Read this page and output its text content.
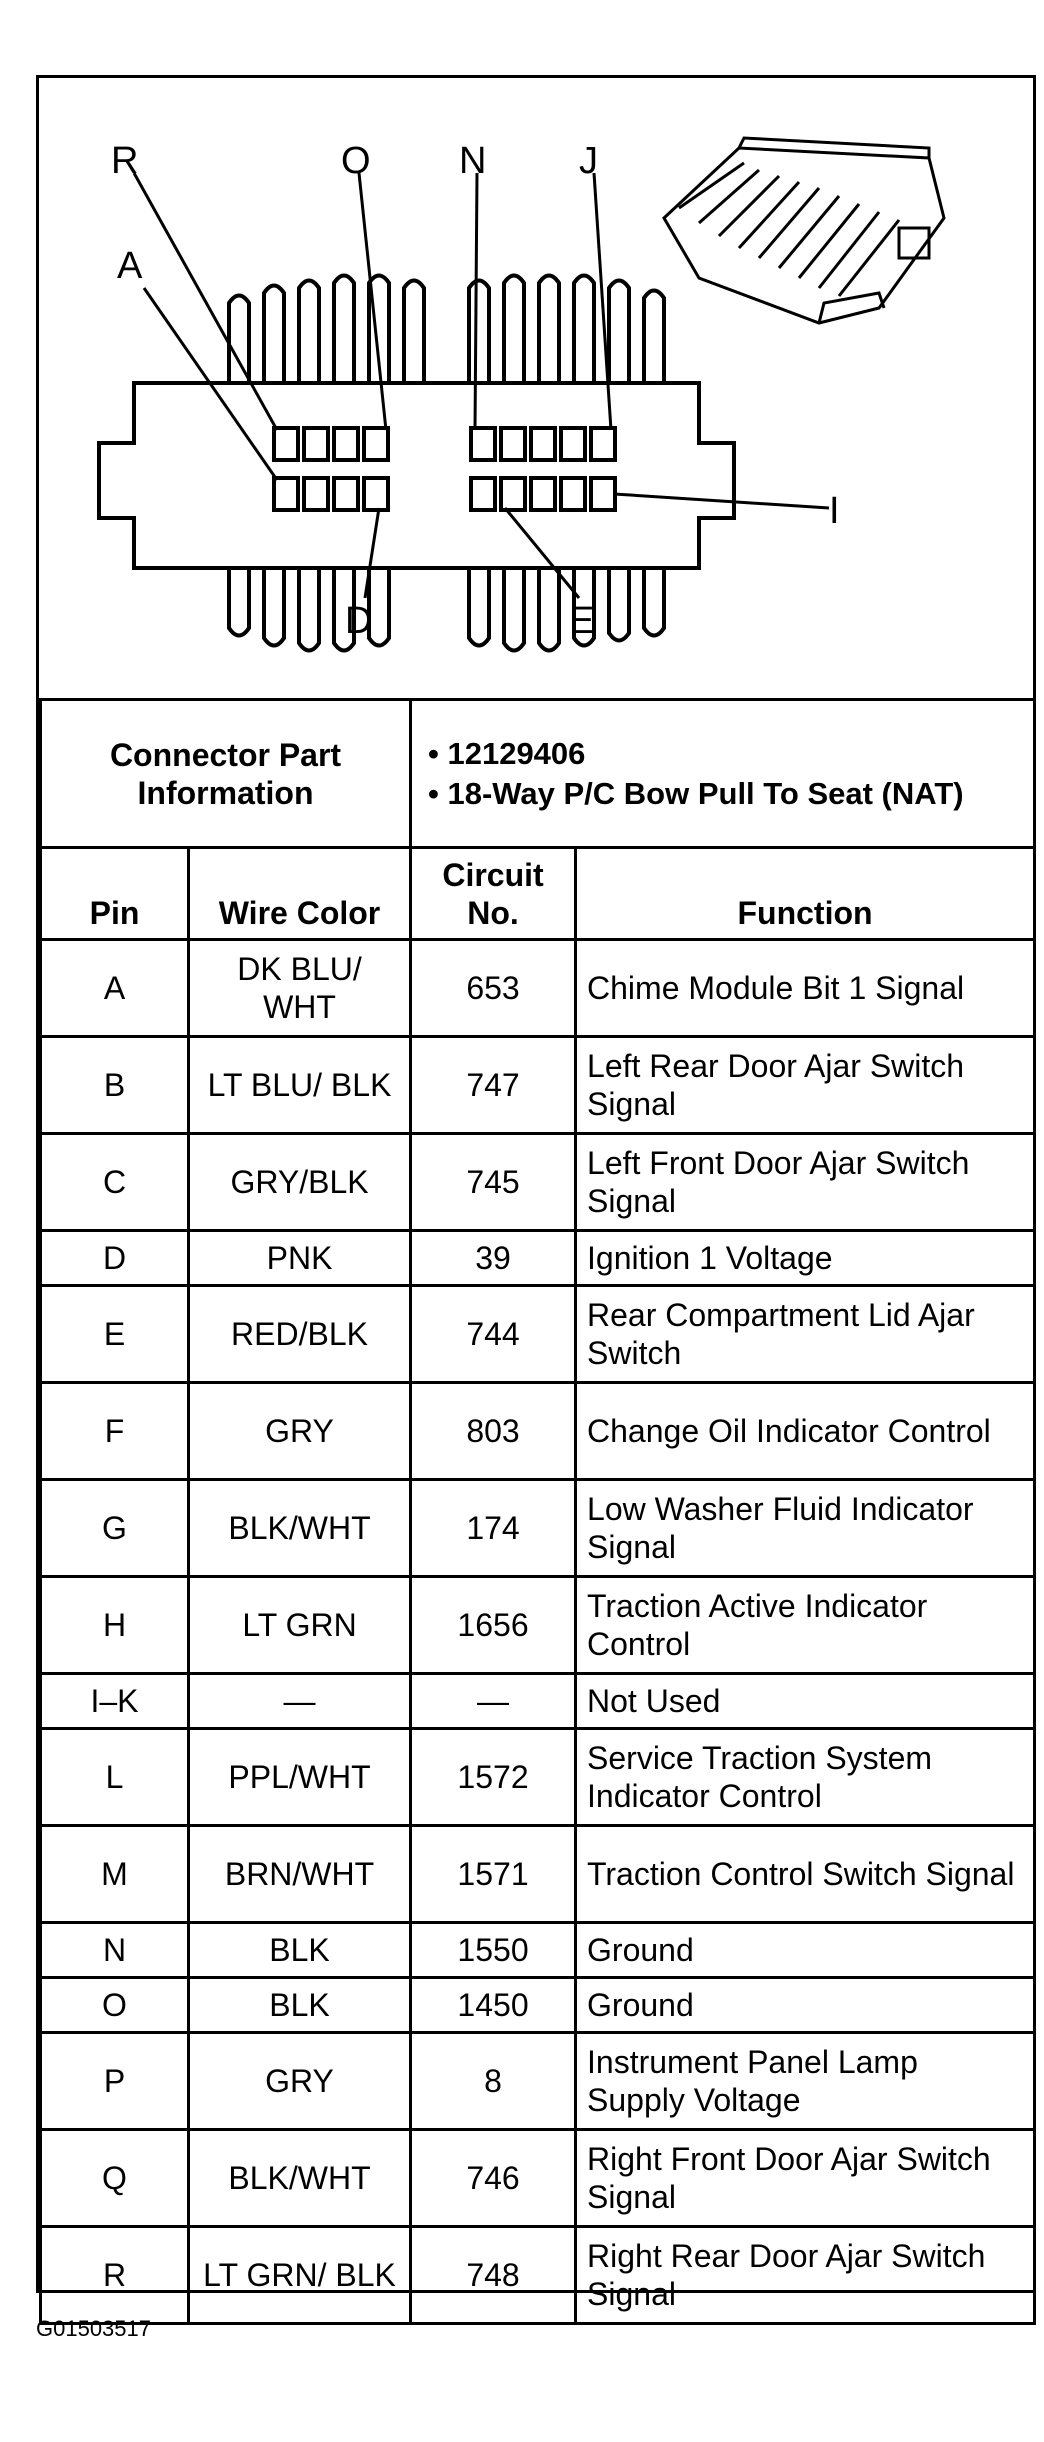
R	O N J
A
I
D	E
Connector Part Information		• 12129406
• 18-Way P/C Bow Pull To Seat (NAT)	

Pin	Wire Color	Circuit No.	Function
A	DK BLU/ WHT	653	Chime Module Bit 1 Signal
B	LT BLU/ BLK	747	Left Rear Door Ajar Switch Signal
C	GRY/BLK	745	Left Front Door Ajar Switch Signal
D	PNK	39	Ignition 1 Voltage
E	RED/BLK	744	Rear Compartment Lid Ajar Switch
F	GRY	803	Change Oil Indicator Control
G	BLK/WHT	174	Low Washer Fluid Indicator Signal
H	LT GRN	1656	Traction Active Indicator Control
I–K	—	—	Not Used
L	PPL/WHT	1572	Service Traction System Indicator Control
M	BRN/WHT	1571	Traction Control Switch Signal
N	BLK	1550	Ground
O	BLK	1450	Ground
P	GRY	8	Instrument Panel Lamp Supply Voltage
Q	BLK/WHT	746	Right Front Door Ajar Switch Signal
R	LT GRN/ BLK	748	Right Rear Door Ajar Switch Signal
G01503517
